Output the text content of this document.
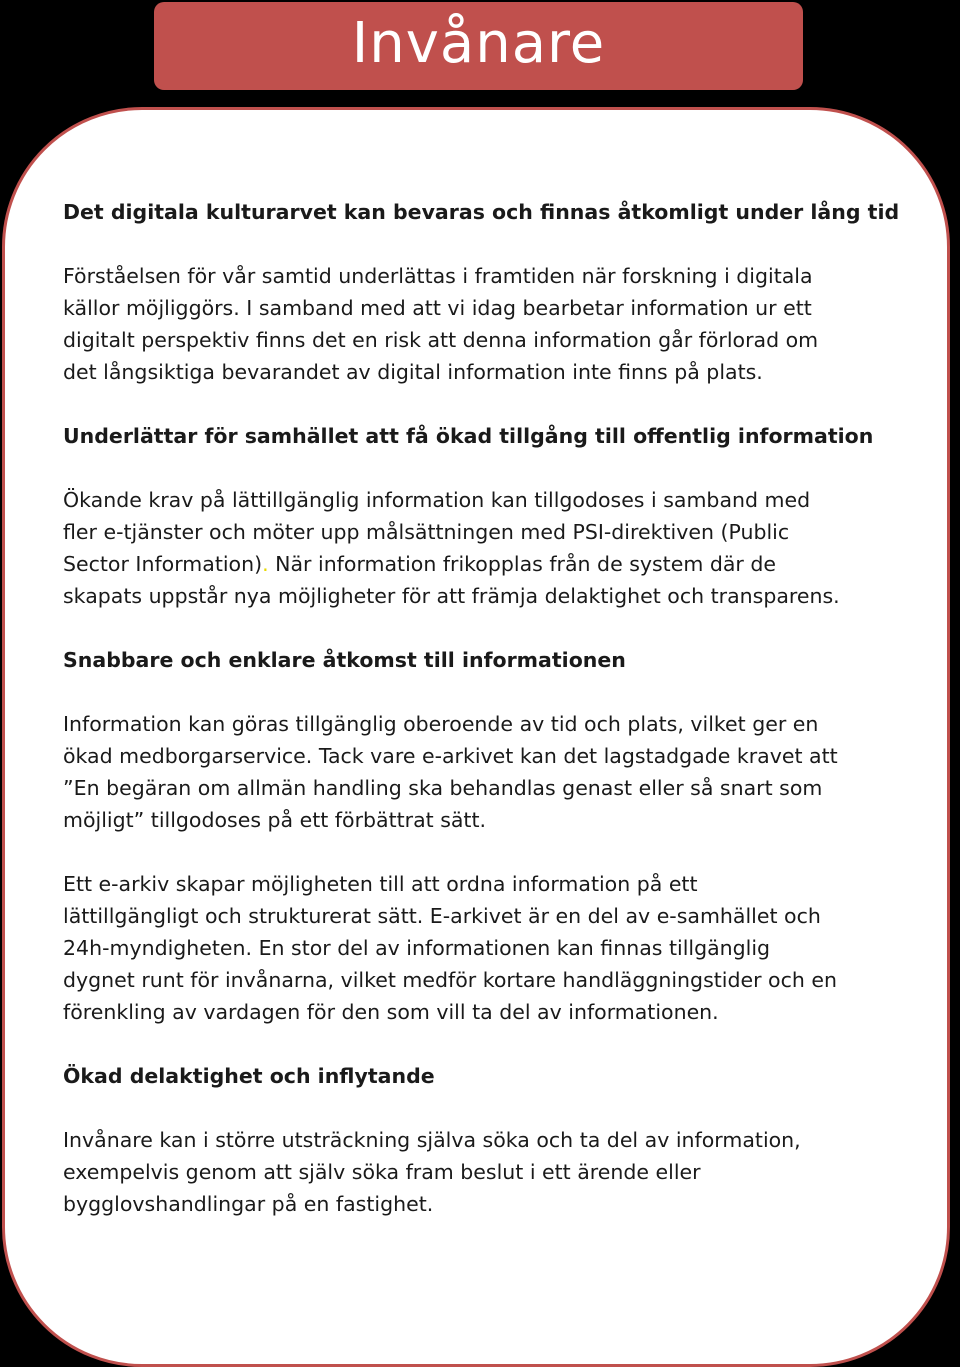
Invånare
Det digitala kulturarvet kan bevaras och finnas åtkomligt under lång tid
Förståelsen för vår samtid underlättas i framtiden när forskning i digitala
källor möjliggörs. I samband med att vi idag bearbetar information ur ett
digitalt perspektiv finns det en risk att denna information går förlorad om
det långsiktiga bevarandet av digital information inte finns på plats.
Underlättar för samhället att få ökad tillgång till offentlig information
Ökande krav på lättillgänglig information kan tillgodoses i samband med
fler e-tjänster och möter upp målsättningen med PSI-direktiven (Public
Sector Information). När information frikopplas från de system där de
skapats uppstår nya möjligheter för att främja delaktighet och transparens.
Snabbare och enklare åtkomst till informationen
Information kan göras tillgänglig oberoende av tid och plats, vilket ger en
ökad medborgarservice. Tack vare e-arkivet kan det lagstadgade kravet att
”En begäran om allmän handling ska behandlas genast eller så snart som
möjligt” tillgodoses på ett förbättrat sätt.
Ett e-arkiv skapar möjligheten till att ordna information på ett
lättillgängligt och strukturerat sätt. E-arkivet är en del av e-samhället och
24h-myndigheten. En stor del av informationen kan finnas tillgänglig
dygnet runt för invånarna, vilket medför kortare handläggningstider och en
förenkling av vardagen för den som vill ta del av informationen.
Ökad delaktighet och inflytande
Invånare kan i större utsträckning själva söka och ta del av information,
exempelvis genom att själv söka fram beslut i ett ärende eller
bygglovshandlingar på en fastighet.
